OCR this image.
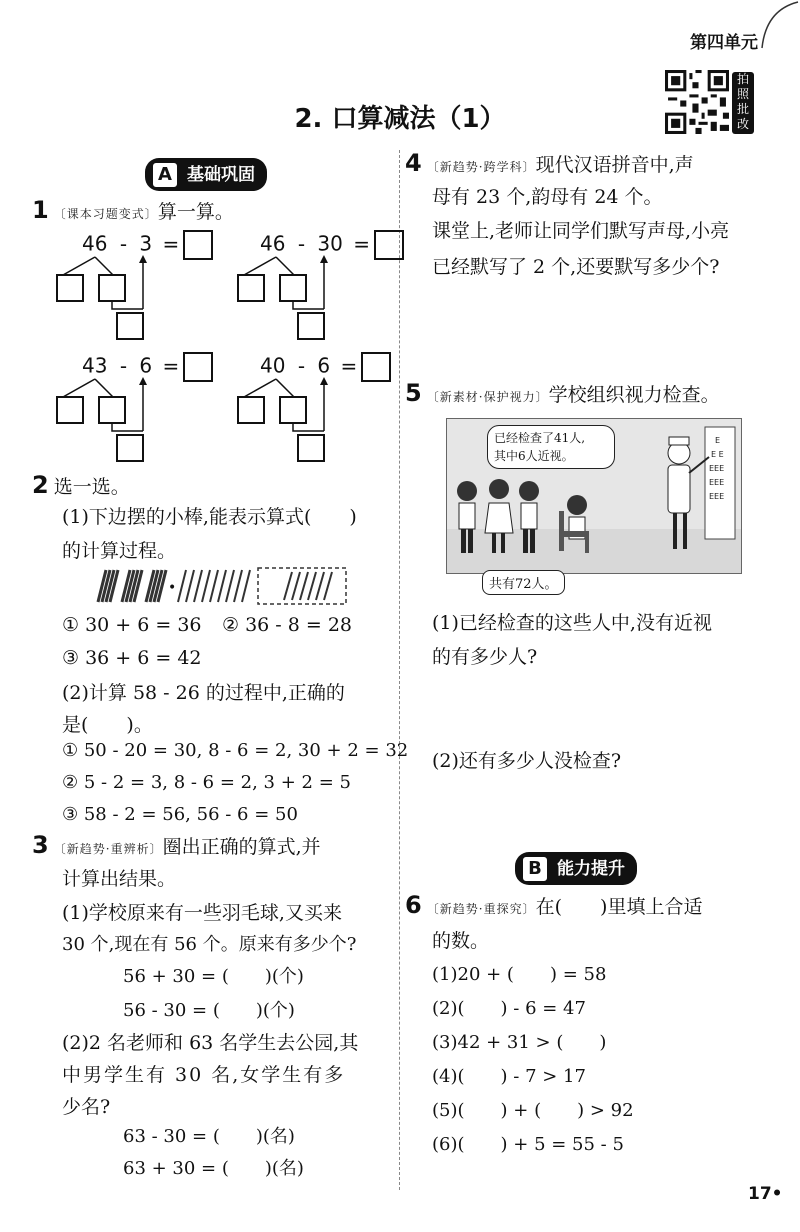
第四单元
拍照批改
2. 口算减法（1）
A 基础巩固
1 〔课本习题变式〕算一算。
46 - 3 =	46 - 30 =
43 - 6 =	40 - 6 =
2 选一选。
(1)下边摆的小棒,能表示算式(　　)
的计算过程。
•
① 30 + 6 = 36 ② 36 - 8 = 28
③ 36 + 6 = 42
(2)计算 58 - 26 的过程中,正确的
是(　　)。
① 50 - 20 = 30, 8 - 6 = 2, 30 + 2 = 32
② 5 - 2 = 3, 8 - 6 = 2, 3 + 2 = 5
③ 58 - 2 = 56, 56 - 6 = 50
3 〔新趋势·重辨析〕圈出正确的算式,并
计算出结果。
(1)学校原来有一些羽毛球,又买来
30 个,现在有 56 个。原来有多少个?
56 + 30 = (　　)(个)
56 - 30 = (　　)(个)
(2)2 名老师和 63 名学生去公园,其
中男学生有 30 名,女学生有多
少名?
63 - 30 = (　　)(名)
63 + 30 = (　　)(名)
4 〔新趋势·跨学科〕现代汉语拼音中,声
母有 23 个,韵母有 24 个。
课堂上,老师让同学们默写声母,小亮
已经默写了 2 个,还要默写多少个?
5 〔新素材·保护视力〕学校组织视力检查。
E
E E
EEE
EEE
EEE
已经检查了41人,
其中6人近视。
共有72人。
(1)已经检查的这些人中,没有近视
的有多少人?
(2)还有多少人没检查?
B 能力提升
6 〔新趋势·重探究〕在(　　)里填上合适
的数。
(1)20 + (　　) = 58
(2)(　　) - 6 = 47
(3)42 + 31 > (　　)
(4)(　　) - 7 > 17
(5)(　　) + (　　) > 92
(6)(　　) + 5 = 55 - 5
17•
